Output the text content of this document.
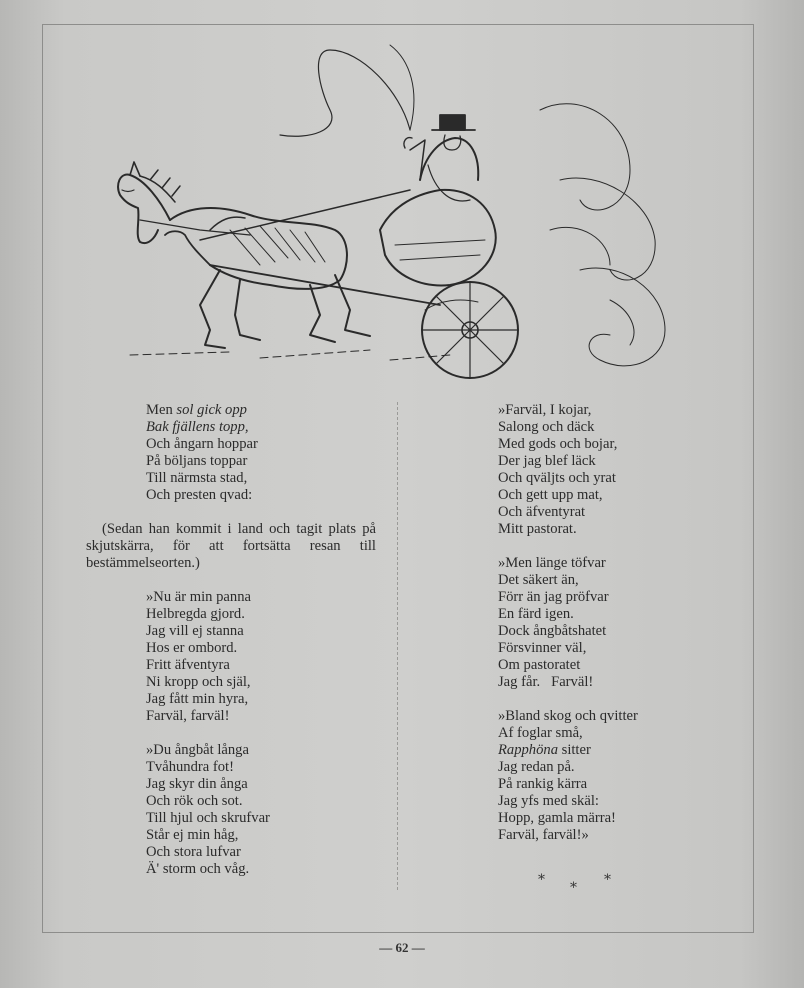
Men sol gick opp
Bak fjällens topp,
Och ångarn hoppar
På böljans toppar
Till närmsta stad,
Och presten qvad:
(Sedan han kommit i land och tagit plats på skjutskärra, för att fortsätta resan till bestämmelseorten.)
»Nu är min panna
Helbregda gjord.
Jag vill ej stanna
Hos er ombord.
Fritt äfventyra
Ni kropp och själ,
Jag fått min hyra,
Farväl, farväl!
»Du ångbåt långa
Tvåhundra fot!
Jag skyr din ånga
Och rök och sot.
Till hjul och skrufvar
Står ej min håg,
Och stora lufvar
Ä' storm och våg.
»Farväl, I kojar,
Salong och däck
Med gods och bojar,
Der jag blef läck
Och qväljts och yrat
Och gett upp mat,
Och äfventyrat
Mitt pastorat.
»Men länge töfvar
Det säkert än,
Förr än jag pröfvar
En färd igen.
Dock ångbåtshatet
Försvinner väl,
Om pastoratet
Jag får.   Farväl!
»Bland skog och qvitter
Af foglar små,
Rapphöna sitter
Jag redan på.
På rankig kärra
Jag yfs med skäl:
Hopp, gamla märra!
Farväl, farväl!»
* * *
— 62 —
